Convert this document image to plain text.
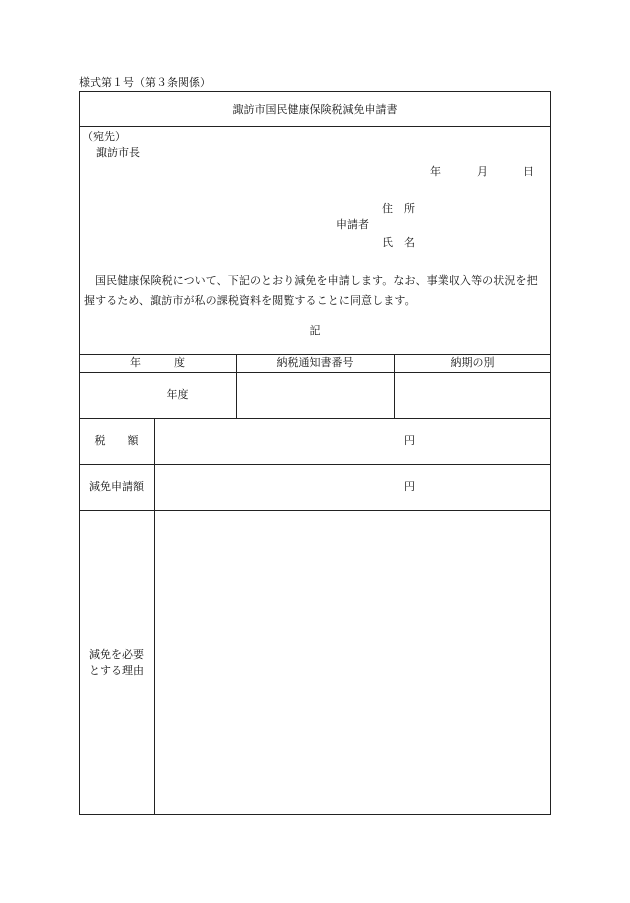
様式第１号（第３条関係）
諏訪市国民健康保険税減免申請書
（宛先）
諏訪市長
年	月	日
住　所
申請者
氏　名
国民健康保険税について、下記のとおり減免を申請します。なお、事業収入等の状況を把握するため、諏訪市が私の課税資料を閲覧することに同意します。
記
年　　　度	納税通知書番号	納期の別
年度
税　　額	円
減免申請額	円
減免を必要
とする理由
